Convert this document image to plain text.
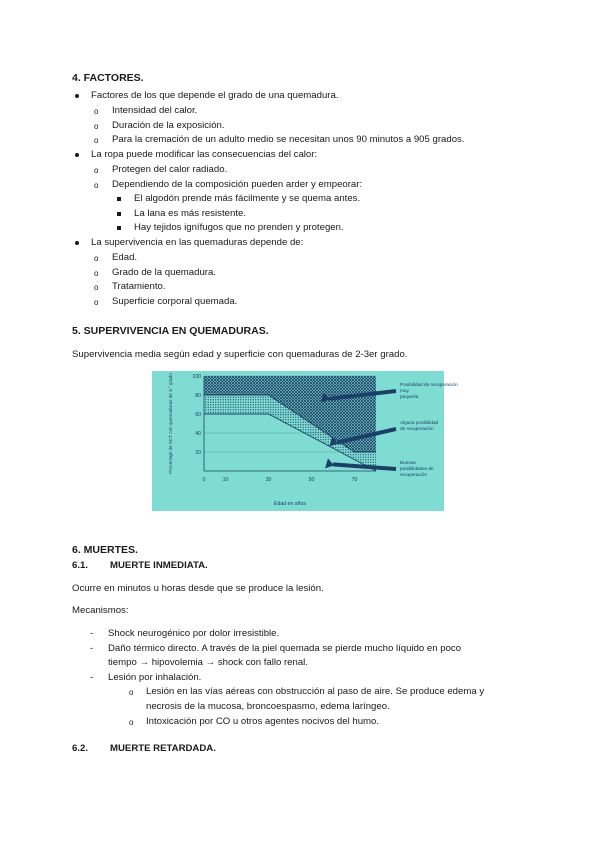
4. FACTORES.
Factores de los que depende el grado de una quemadura.
o Intensidad del calor.
o Duración de la exposición.
o Para la cremación de un adulto medio se necesitan unos 90 minutos a 905 grados.
La ropa puede modificar las consecuencias del calor:
o Protegen del calor radiado.
o Dependiendo de la composición pueden arder y empeorar:
El algodón prende más fácilmente y se quema antes.
La lana es más resistente.
Hay tejidos ignífugos que no prenden y protegen.
La supervivencia en las quemaduras depende de:
o Edad.
o Grado de la quemadura.
o Tratamiento.
o Superficie corporal quemada.
5. SUPERVIVENCIA EN QUEMADURAS.
Supervivencia media según edad y superficie con quemaduras de 2-3er grado.
0	10	30	50	70
100
80
60
40
20
Edad en años
Porcentaje de SCT con quemaduras de 3.° grado	Posibilidad de recuperación
muy
pequeña
Alguna posibilidad
de recuperación
Buenas
posibilidades de
recuperación
6. MUERTES.
6.1. MUERTE INMEDIATA.
Ocurre en minutos u horas desde que se produce la lesión.
Mecanismos:
- Shock neurogénico por dolor irresistible.
- Daño térmico directo. A través de la piel quemada se pierde mucho líquido en poco
tiempo → hipovolemia → shock con fallo renal.
- Lesión por inhalación.
o Lesión en las vías aéreas con obstrucción al paso de aire. Se produce edema y
necrosis de la mucosa, broncoespasmo, edema laríngeo.
o Intoxicación por CO u otros agentes nocivos del humo.
6.2. MUERTE RETARDADA.
